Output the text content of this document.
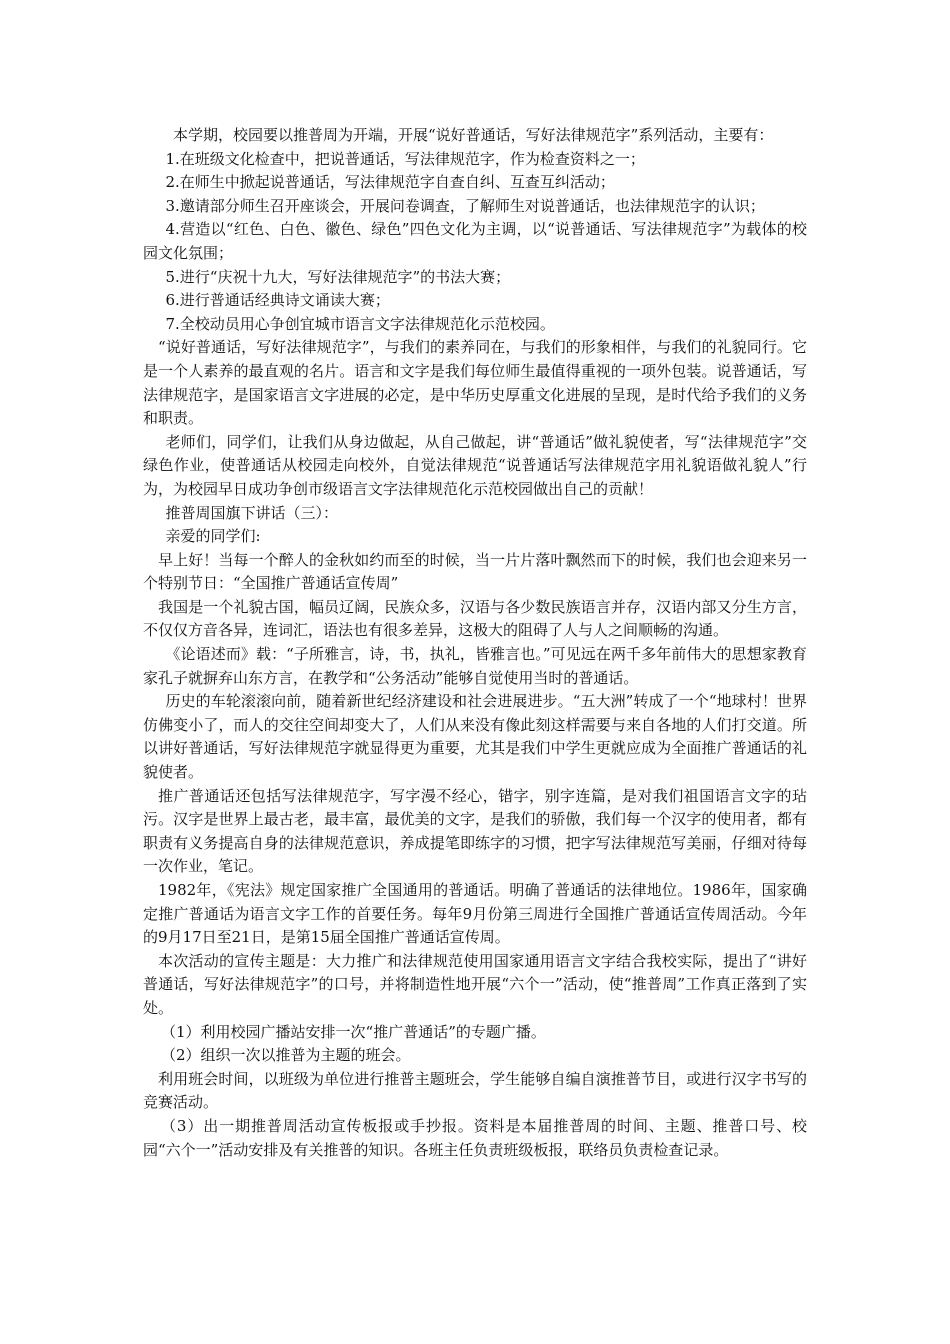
本学期，校园要以推普周为开端，开展“说好普通话，写好法律规范字”系列活动，主要有：

1.在班级文化检查中，把说普通话，写法律规范字，作为检查资料之一；

2.在师生中掀起说普通话，写法律规范字自查自纠、互查互纠活动；

3.邀请部分师生召开座谈会，开展问卷调查，了解师生对说普通话，也法律规范字的认识；

4.营造以“红色、白色、徽色、绿色”四色文化为主调，以“说普通话、写法律规范字”为载体的校园文化氛围；

5.进行“庆祝十九大，写好法律规范字”的书法大赛；

6.进行普通话经典诗文诵读大赛；

7.全校动员用心争创宜城市语言文字法律规范化示范校园。

“说好普通话，写好法律规范字”，与我们的素养同在，与我们的形象相伴，与我们的礼貌同行。它是一个人素养的最直观的名片。语言和文字是我们每位师生最值得重视的一项外包装。说普通话，写法律规范字，是国家语言文字进展的必定，是中华历史厚重文化进展的呈现，是时代给予我们的义务和职责。

老师们，同学们，让我们从身边做起，从自己做起，讲“普通话”做礼貌使者，写“法律规范字”交绿色作业，使普通话从校园走向校外，自觉法律规范“说普通话写法律规范字用礼貌语做礼貌人”行为，为校园早日成功争创市级语言文字法律规范化示范校园做出自己的贡献！

推普周国旗下讲话（三）：

亲爱的同学们:

早上好！当每一个醉人的金秋如约而至的时候，当一片片落叶飘然而下的时候，我们也会迎来另一个特别节日：“全国推广普通话宣传周”

我国是一个礼貌古国，幅员辽阔，民族众多，汉语与各少数民族语言并存，汉语内部又分生方言，不仅仅方音各异，连词汇，语法也有很多差异，这极大的阻碍了人与人之间顺畅的沟通。

《论语述而》载：“子所雅言，诗，书，执礼，皆雅言也。”可见远在两千多年前伟大的思想家教育家孔子就摒弃山东方言，在教学和“公务活动”能够自觉使用当时的普通话。

历史的车轮滚滚向前，随着新世纪经济建设和社会进展进步。“五大洲”转成了一个“地球村！世界仿佛变小了，而人的交往空间却变大了，人们从来没有像此刻这样需要与来自各地的人们打交道。所以讲好普通话，写好法律规范字就显得更为重要，尤其是我们中学生更就应成为全面推广普通话的礼貌使者。

推广普通话还包括写法律规范字，写字漫不经心，错字，别字连篇，是对我们祖国语言文字的玷污。汉字是世界上最古老，最丰富，最优美的文字，是我们的骄傲，我们每一个汉字的使用者，都有职责有义务提高自身的法律规范意识，养成提笔即练字的习惯，把字写法律规范写美丽，仔细对待每一次作业，笔记。

1982年，《宪法》规定国家推广全国通用的普通话。明确了普通话的法律地位。1986年，国家确定推广普通话为语言文字工作的首要任务。每年9月份第三周进行全国推广普通话宣传周活动。今年的9月17日至21日，是第15届全国推广普通话宣传周。

本次活动的宣传主题是：大力推广和法律规范使用国家通用语言文字结合我校实际，提出了“讲好普通话，写好法律规范字”的口号，并将制造性地开展“六个一”活动，使“推普周”工作真正落到了实处。

（1）利用校园广播站安排一次“推广普通话”的专题广播。

（2）组织一次以推普为主题的班会。

利用班会时间，以班级为单位进行推普主题班会，学生能够自编自演推普节目，或进行汉字书写的竞赛活动。

（3）出一期推普周活动宣传板报或手抄报。资料是本届推普周的时间、主题、推普口号、校园“六个一”活动安排及有关推普的知识。各班主任负责班级板报，联络员负责检查记录。
